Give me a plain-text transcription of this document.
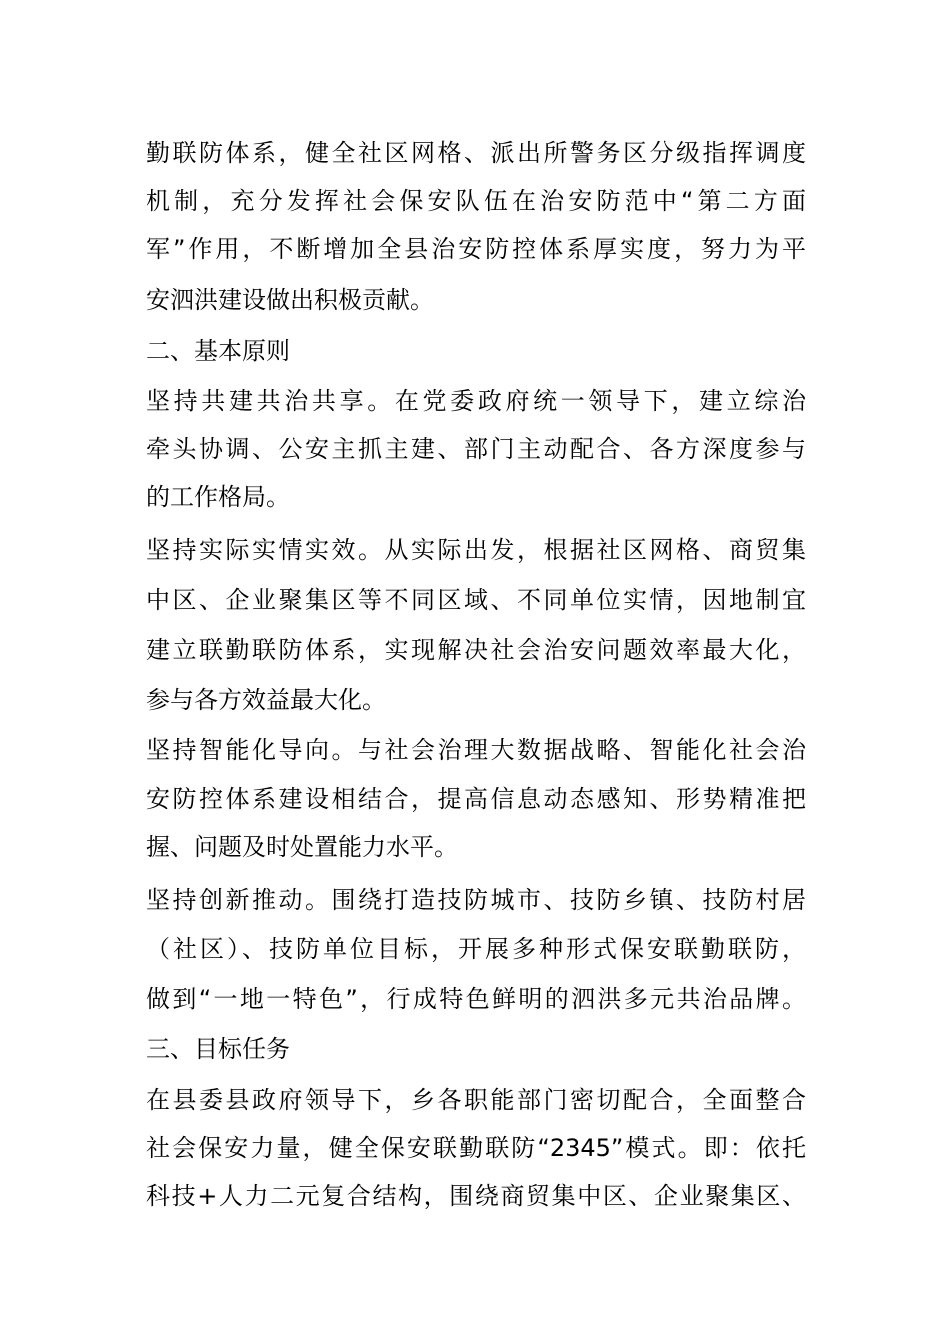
勤联防体系，健全社区网格、派出所警务区分级指挥调度

机制，充分发挥社会保安队伍在治安防范中“第二方面

军”作用，不断增加全县治安防控体系厚实度，努力为平

安泗洪建设做出积极贡献。

二、基本原则

坚持共建共治共享。在党委政府统一领导下，建立综治

牵头协调、公安主抓主建、部门主动配合、各方深度参与

的工作格局。

坚持实际实情实效。从实际出发，根据社区网格、商贸集

中区、企业聚集区等不同区域、不同单位实情，因地制宜

建立联勤联防体系，实现解决社会治安问题效率最大化，

参与各方效益最大化。

坚持智能化导向。与社会治理大数据战略、智能化社会治

安防控体系建设相结合，提高信息动态感知、形势精准把

握、问题及时处置能力水平。

坚持创新推动。围绕打造技防城市、技防乡镇、技防村居

（社区）、技防单位目标，开展多种形式保安联勤联防，

做到“一地一特色”，行成特色鲜明的泗洪多元共治品牌。

三、目标任务

在县委县政府领导下，乡各职能部门密切配合，全面整合

社会保安力量，健全保安联勤联防“2345”模式。即：依托

科技+人力二元复合结构，围绕商贸集中区、企业聚集区、
